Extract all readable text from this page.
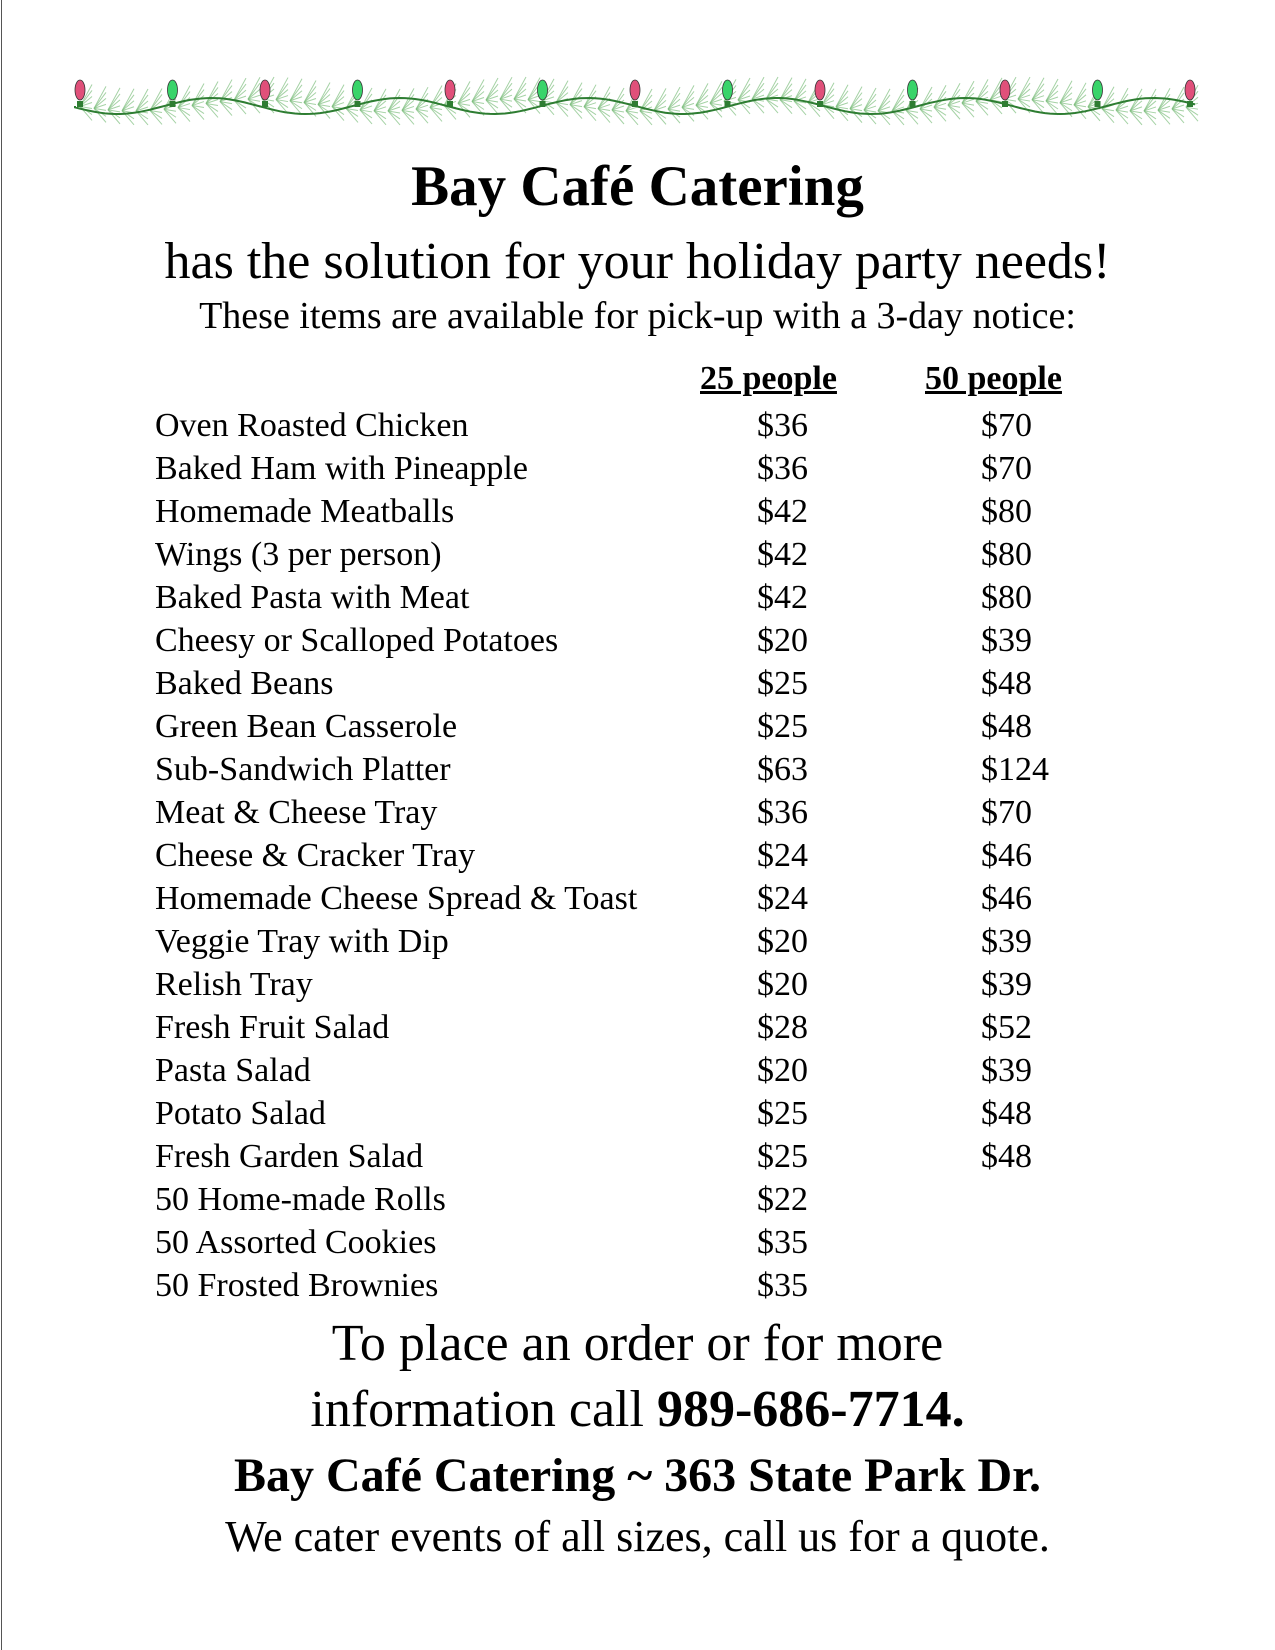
Bay Café Catering
has the solution for your holiday party needs!
These items are available for pick-up with a 3-day notice:
25 people	50 people
Oven Roasted Chicken	$36	$70
Baked Ham with Pineapple	$36	$70
Homemade Meatballs	$42	$80
Wings (3 per person)	$42	$80
Baked Pasta with Meat	$42	$80
Cheesy or Scalloped Potatoes	$20	$39
Baked Beans	$25	$48
Green Bean Casserole	$25	$48
Sub-Sandwich Platter	$63	$124
Meat & Cheese Tray	$36	$70
Cheese & Cracker Tray	$24	$46
Homemade Cheese Spread & Toast	$24	$46
Veggie Tray with Dip	$20	$39
Relish Tray	$20	$39
Fresh Fruit Salad	$28	$52
Pasta Salad	$20	$39
Potato Salad	$25	$48
Fresh Garden Salad	$25	$48
50 Home-made Rolls	$22
50 Assorted Cookies	$35
50 Frosted Brownies	$35
To place an order or for more
information call 989-686-7714.
Bay Café Catering ~ 363 State Park Dr.
We cater events of all sizes, call us for a quote.
